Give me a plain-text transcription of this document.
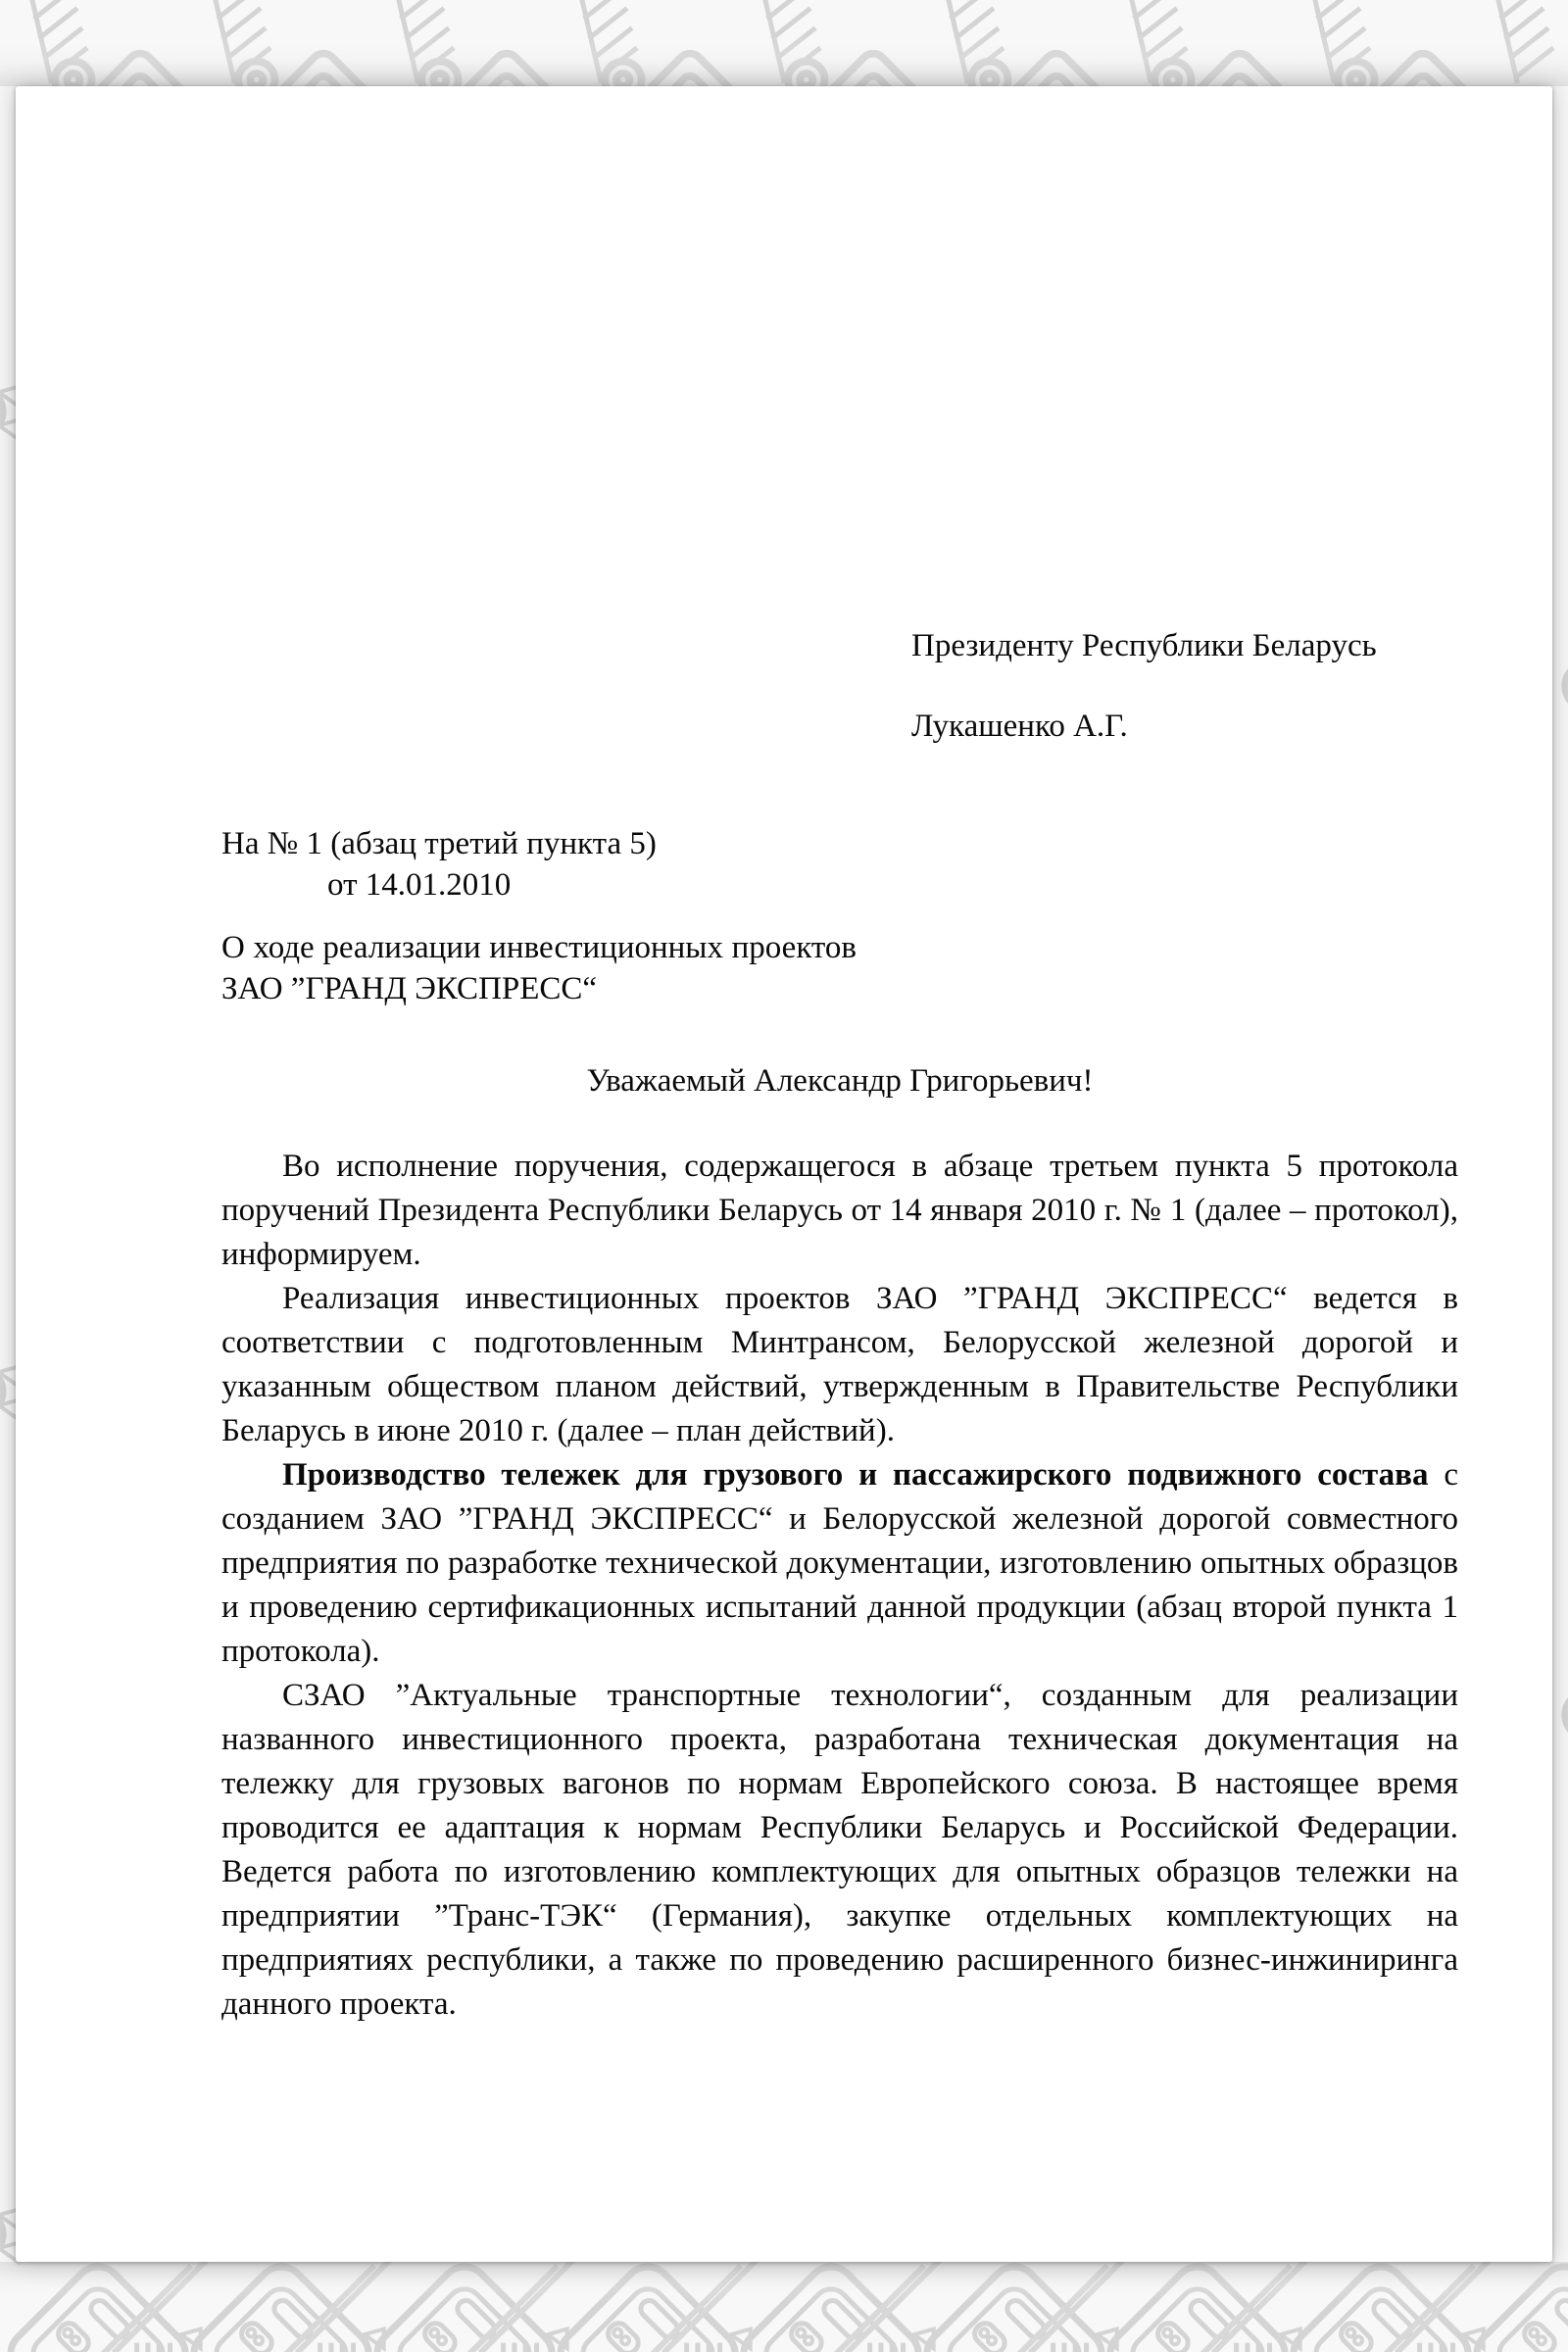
Президенту Республики Беларусь
Лукашенко А.Г.
На № 1 (абзац третий пункта 5)
от 14.01.2010
О ходе реализации инвестиционных проектов ЗАО ”ГРАНД ЭКСПРЕСС“
Уважаемый Александр Григорьевич!

Во исполнение поручения, содержащегося в абзаце третьем пункта 5 протокола поручений Президента Республики Беларусь от 14 января 2010 г. № 1 (далее – протокол), информируем.

Реализация инвестиционных проектов ЗАО ”ГРАНД ЭКСПРЕСС“ ведется в соответствии с подготовленным Минтрансом, Белорусской железной дорогой и указанным обществом планом действий, утвержденным в Правительстве Республики Беларусь в июне 2010 г. (далее – план действий).

Производство тележек для грузового и пассажирского подвижного состава с созданием ЗАО ”ГРАНД ЭКСПРЕСС“ и Белорусской железной дорогой совместного предприятия по разработке технической документации, изготовлению опытных образцов и проведению сертификационных испытаний данной продукции (абзац второй пункта 1 протокола).

СЗАО ”Актуальные транспортные технологии“, созданным для реализации названного инвестиционного проекта, разработана техническая документация на тележку для грузовых вагонов по нормам Европейского союза. В настоящее время проводится ее адаптация к нормам Республики Беларусь и Российской Федерации. Ведется работа по изготовлению комплектующих для опытных образцов тележки на предприятии ”Транс-ТЭК“ (Германия), закупке отдельных комплектующих на предприятиях республики, а также по проведению расширенного бизнес-инжиниринга данного проекта.
